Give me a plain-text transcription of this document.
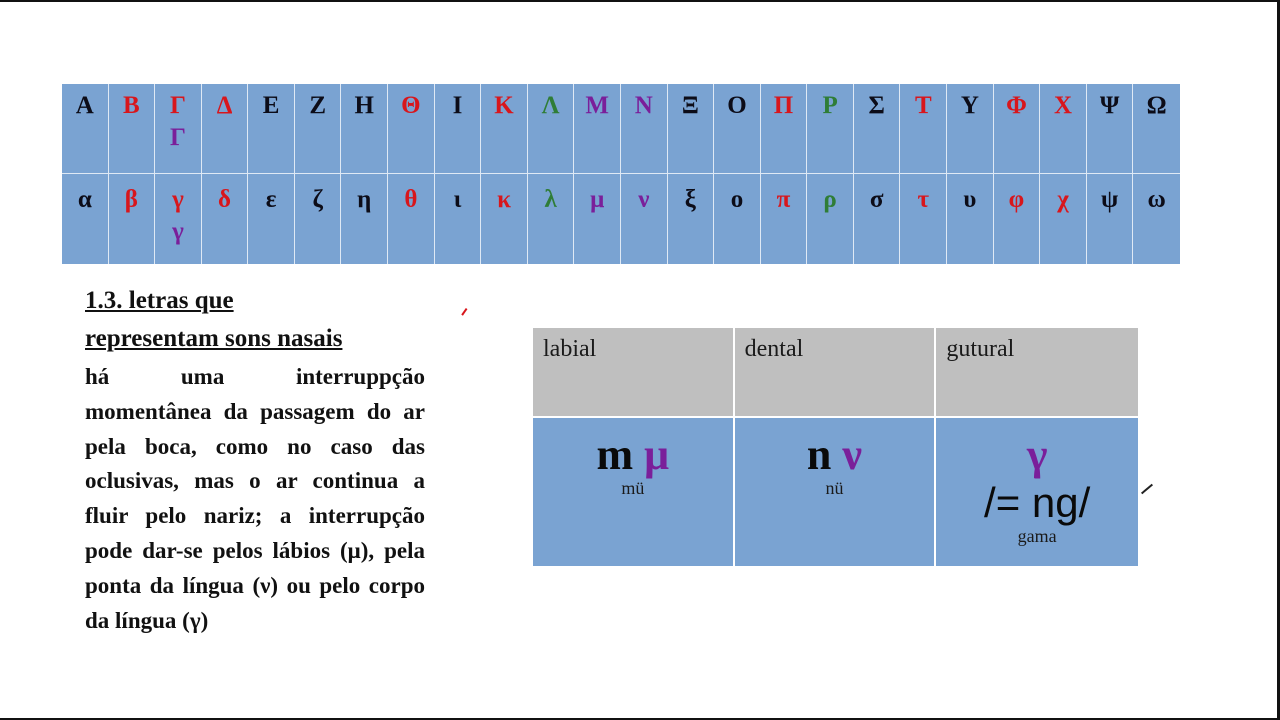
Α Β Γ
Γ
Δ Ε Ζ Η Θ Ι Κ Λ Μ Ν Ξ Ο Π Ρ Σ Τ Υ Φ Χ Ψ Ω
α β γ
γ
δ ε ζ η θ ι κ λ μ ν ξ ο π ρ σ τ υ φ χ ψ ω
1.3. letras que
representam sons nasais
há uma interruppção momentânea da passagem do ar pela boca, como no caso das oclusivas, mas o ar continua a fluir pelo nariz; a interrupção pode dar-se pelos lábios (μ), pela ponta da língua (ν) ou pelo corpo da língua (γ)
labial	dental	gutural
m μ
mü
n ν
nü
γ
/= ng/
gama
